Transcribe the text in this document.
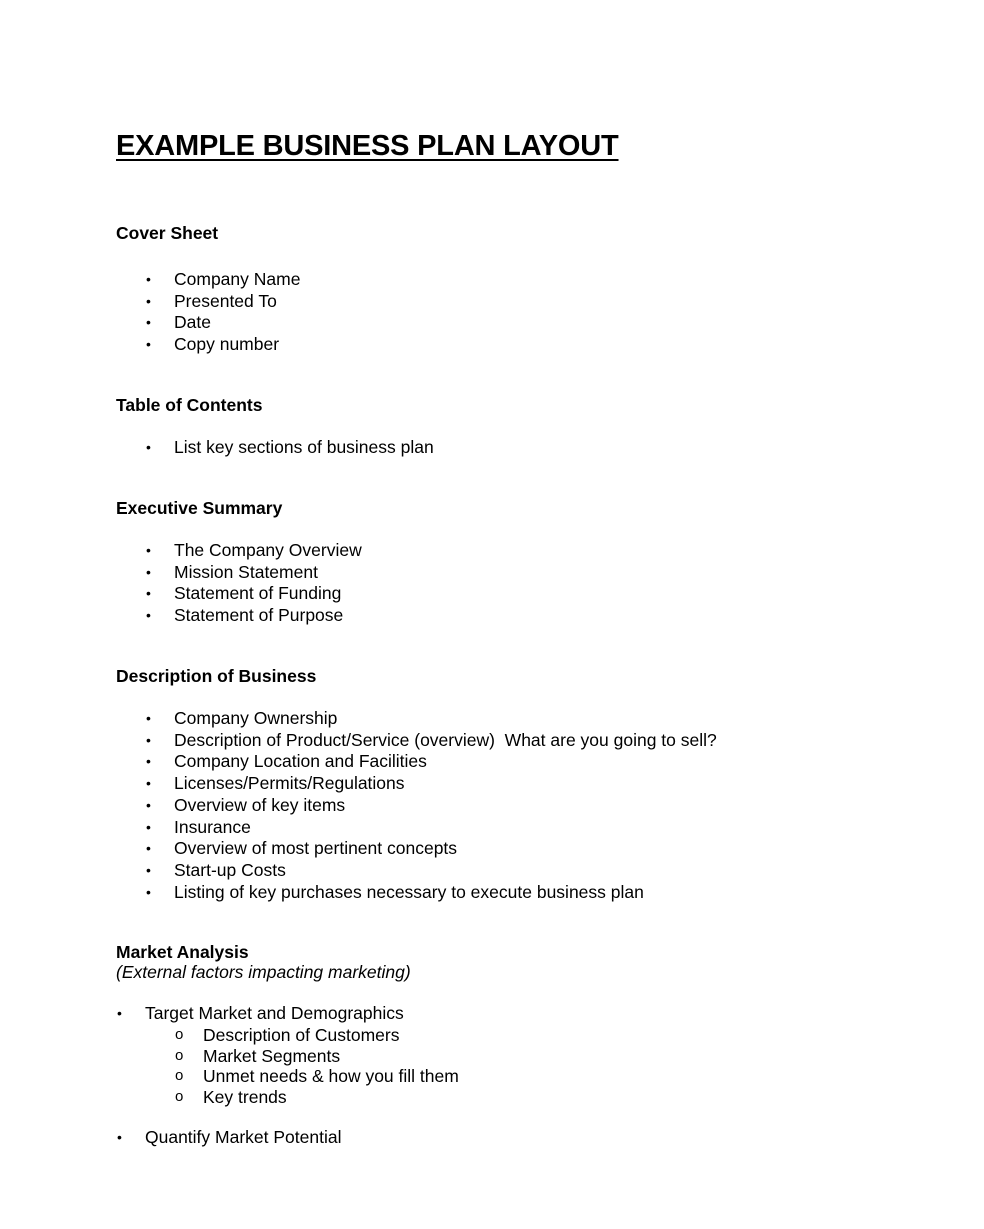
EXAMPLE BUSINESS PLAN LAYOUT
Cover Sheet
• Company Name
• Presented To
• Date
• Copy number
Table of Contents
• List key sections of business plan
Executive Summary
• The Company Overview
• Mission Statement
• Statement of Funding
• Statement of Purpose
Description of Business
• Company Ownership
• Description of Product/Service (overview)  What are you going to sell?
• Company Location and Facilities
• Licenses/Permits/Regulations
• Overview of key items
• Insurance
• Overview of most pertinent concepts
• Start-up Costs
• Listing of key purchases necessary to execute business plan
Market Analysis

(External factors impacting marketing)

• Target Market and Demographics
o Description of Customers
o Market Segments
o Unmet needs & how you fill them
o Key trends
• Quantify Market Potential
